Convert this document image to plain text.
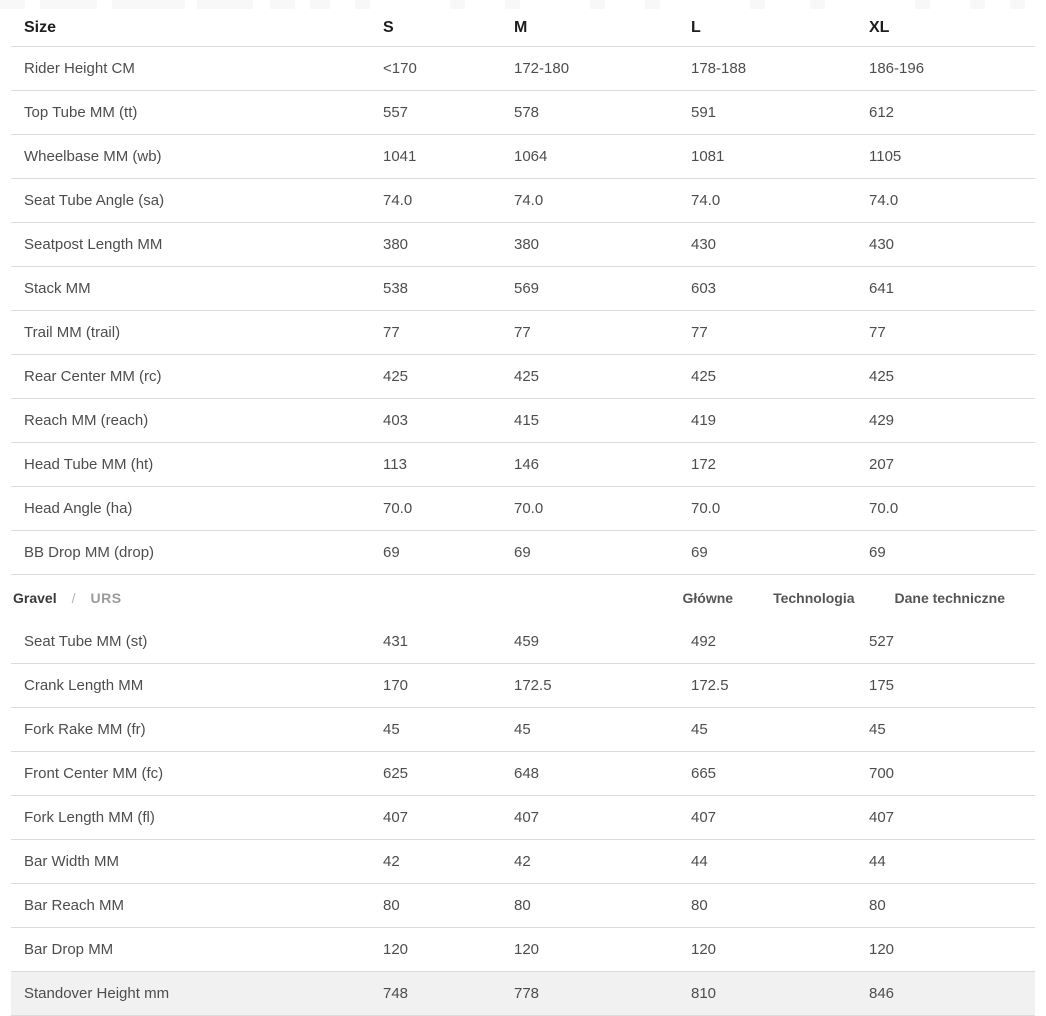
Size	S	M	L	XL
Rider Height CM	<170	172-180	178-188	186-196
Top Tube MM (tt)	557	578	591	612
Wheelbase MM (wb)	1041	1064	1081	1105
Seat Tube Angle (sa)	74.0	74.0	74.0	74.0
Seatpost Length MM	380	380	430	430
Stack MM	538	569	603	641
Trail MM (trail)	77	77	77	77
Rear Center MM (rc)	425	425	425	425
Reach MM (reach)	403	415	419	429
Head Tube MM (ht)	113	146	172	207
Head Angle (ha)	70.0	70.0	70.0	70.0
BB Drop MM (drop)	69	69	69	69
Gravel / URS	Główne	Technologia	Dane techniczne
Seat Tube MM (st)	431	459	492	527
Crank Length MM	170	172.5	172.5	175
Fork Rake MM (fr)	45	45	45	45
Front Center MM (fc)	625	648	665	700
Fork Length MM (fl)	407	407	407	407
Bar Width MM	42	42	44	44
Bar Reach MM	80	80	80	80
Bar Drop MM	120	120	120	120
Standover Height mm	748	778	810	846
